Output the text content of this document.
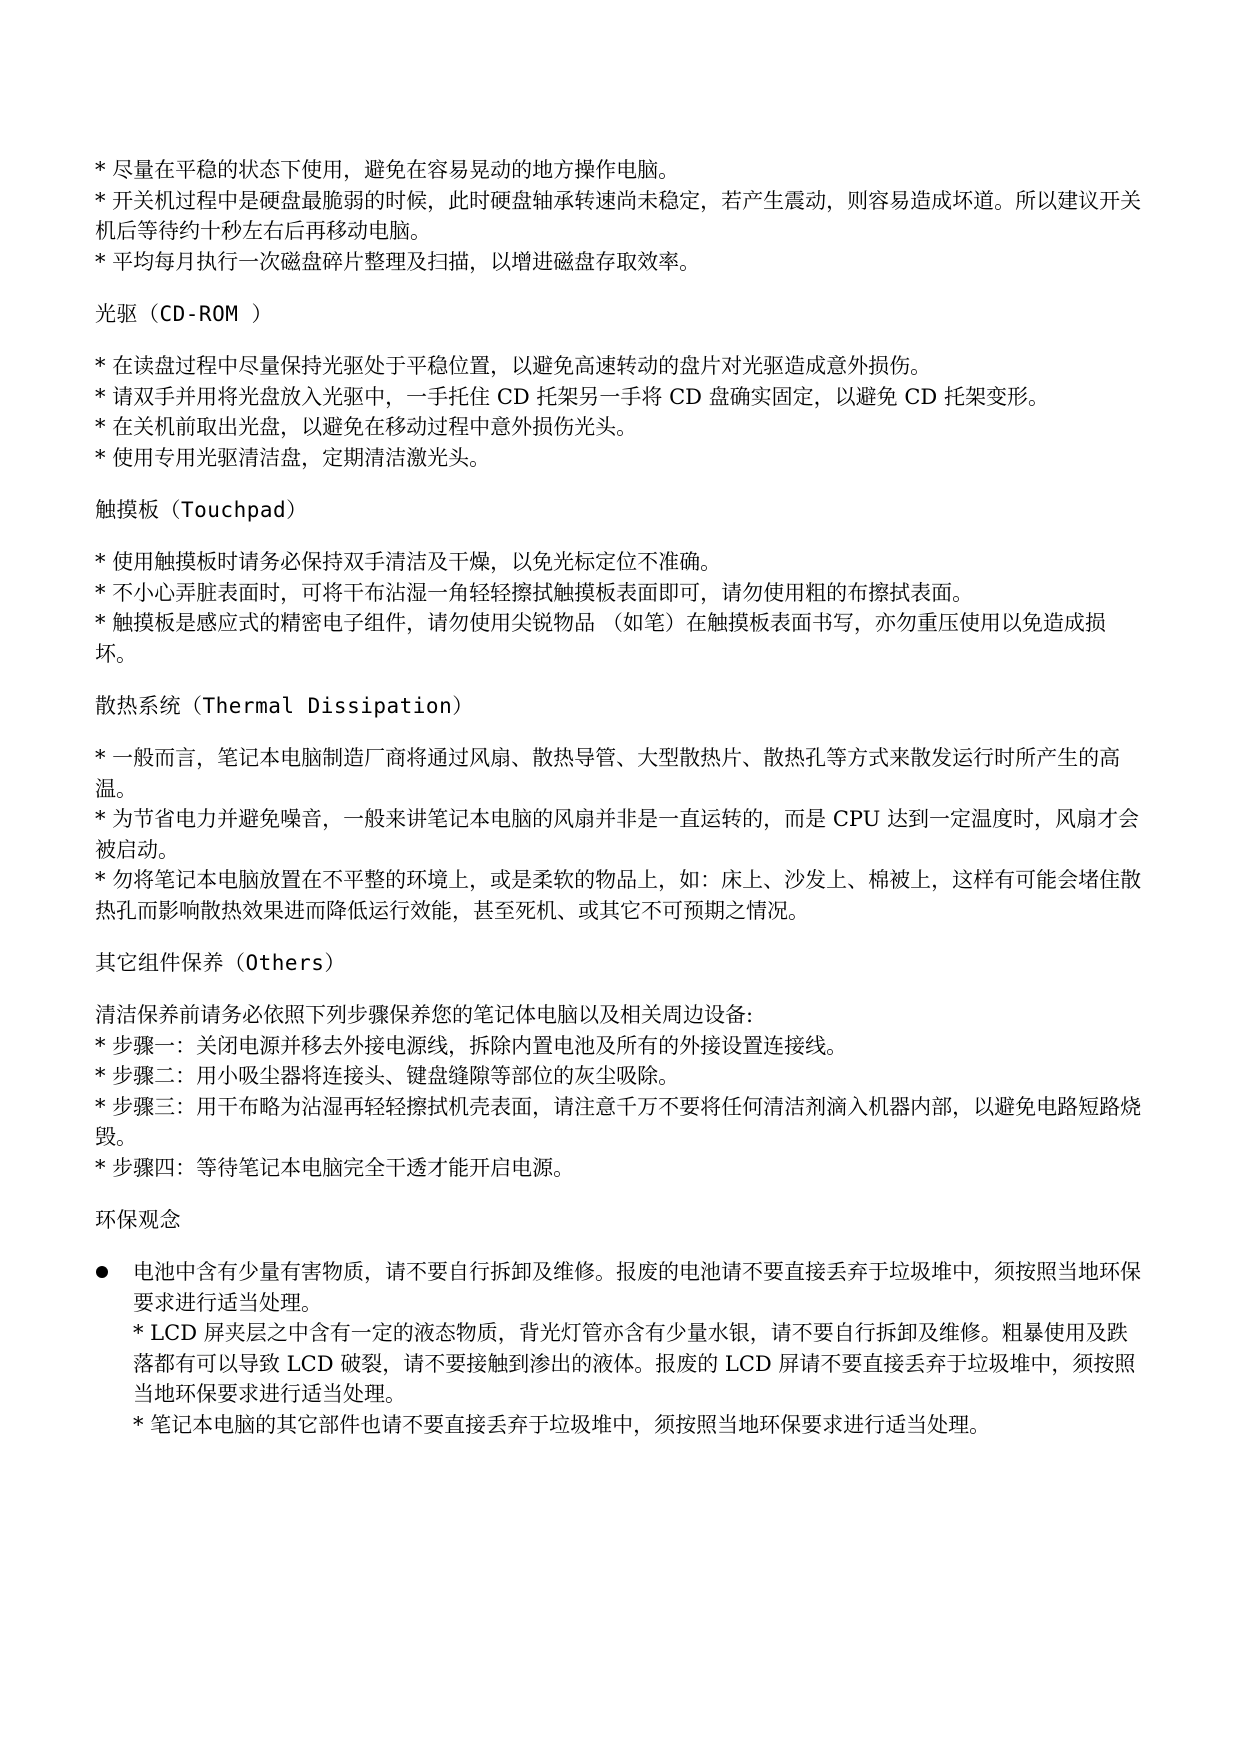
* 尽量在平稳的状态下使用，避免在容易晃动的地方操作电脑。

* 开关机过程中是硬盘最脆弱的时候，此时硬盘轴承转速尚未稳定，若产生震动，则容易造成坏道。所以建议开关机后等待约十秒左右后再移动电脑。

* 平均每月执行一次磁盘碎片整理及扫描，以增进磁盘存取效率。

光驱（CD-ROM ）

* 在读盘过程中尽量保持光驱处于平稳位置，以避免高速转动的盘片对光驱造成意外损伤。

* 请双手并用将光盘放入光驱中，一手托住 CD 托架另一手将 CD 盘确实固定，以避免 CD 托架变形。

* 在关机前取出光盘，以避免在移动过程中意外损伤光头。

* 使用专用光驱清洁盘，定期清洁激光头。

触摸板（Touchpad）

* 使用触摸板时请务必保持双手清洁及干燥，以免光标定位不准确。

* 不小心弄脏表面时，可将干布沾湿一角轻轻擦拭触摸板表面即可，请勿使用粗的布擦拭表面。

* 触摸板是感应式的精密电子组件，请勿使用尖锐物品 （如笔）在触摸板表面书写，亦勿重压使用以免造成损坏。

散热系统（Thermal Dissipation）

* 一般而言，笔记本电脑制造厂商将通过风扇、散热导管、大型散热片、散热孔等方式来散发运行时所产生的高温。

* 为节省电力并避免噪音，一般来讲笔记本电脑的风扇并非是一直运转的，而是 CPU 达到一定温度时，风扇才会被启动。

* 勿将笔记本电脑放置在不平整的环境上，或是柔软的物品上，如：床上、沙发上、棉被上，这样有可能会堵住散热孔而影响散热效果进而降低运行效能，甚至死机、或其它不可预期之情况。

其它组件保养（Others）

清洁保养前请务必依照下列步骤保养您的笔记体电脑以及相关周边设备:

* 步骤一：关闭电源并移去外接电源线，拆除内置电池及所有的外接设置连接线。

* 步骤二：用小吸尘器将连接头、键盘缝隙等部位的灰尘吸除。

* 步骤三：用干布略为沾湿再轻轻擦拭机壳表面，请注意千万不要将任何清洁剂滴入机器内部，以避免电路短路烧毁。

* 步骤四：等待笔记本电脑完全干透才能开启电源。

环保观念

电池中含有少量有害物质，请不要自行拆卸及维修。报废的电池请不要直接丢弃于垃圾堆中，须按照当地环保要求进行适当处理。

* LCD 屏夹层之中含有一定的液态物质，背光灯管亦含有少量水银，请不要自行拆卸及维修。粗暴使用及跌落都有可以导致 LCD 破裂，请不要接触到渗出的液体。报废的 LCD 屏请不要直接丢弃于垃圾堆中，须按照当地环保要求进行适当处理。

* 笔记本电脑的其它部件也请不要直接丢弃于垃圾堆中，须按照当地环保要求进行适当处理。
